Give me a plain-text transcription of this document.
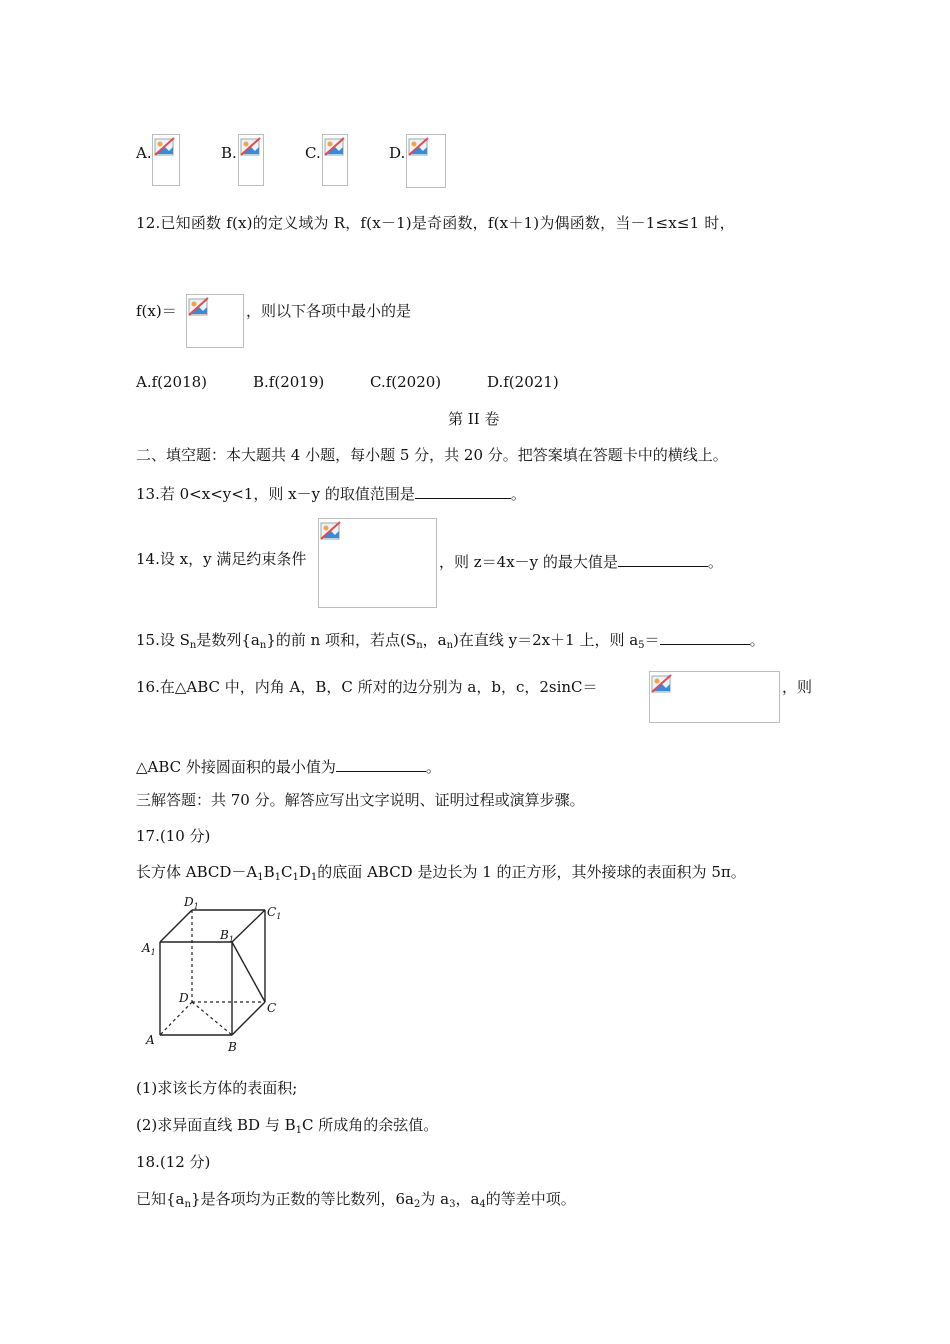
A.	B.	C.	D.
12.已知函数 f(x)的定义域为 R，f(x－1)是奇函数，f(x＋1)为偶函数，当－1≤x≤1 时，
f(x)＝	，则以下各项中最小的是
A.f(2018)	B.f(2019)	C.f(2020)	D.f(2021)
第 II 卷
二、填空题：本大题共 4 小题，每小题 5 分，共 20 分。把答案填在答题卡中的横线上。
13.若 0<x<y<1，则 x－y 的取值范围是	。
14.设 x，y 满足约束条件	，则 z＝4x－y 的最大值是	。
15.设 $S_n$是数列$\{a_n\}$的前 n 项和，若点($S_n$，$a_n$)在直线 y＝2x＋1 上，则 $a_5=$	。
16.在△ABC 中，内角 A，B，C 所对的边分别为 a，b，c，2sinC＝	，则
△ABC 外接圆面积的最小值为	。
三解答题：共 70 分。解答应写出文字说明、证明过程或演算步骤。
17.(10 分)
长方体 $ABCD-A_1B_1C_1D_1$的底面 ABCD 是边长为 1 的正方形，其外接球的表面积为 5π。
$D_1$	$C_1$
$A_1$
$B_1$
D
C
A	B
(1)求该长方体的表面积;
(2)求异面直线 BD 与 $B_1C$ 所成角的余弦值。
18.(12 分)
已知$\{a_n\}$是各项均为正数的等比数列，$6a_2$为 $a_3$，$a_4$的等差中项。
